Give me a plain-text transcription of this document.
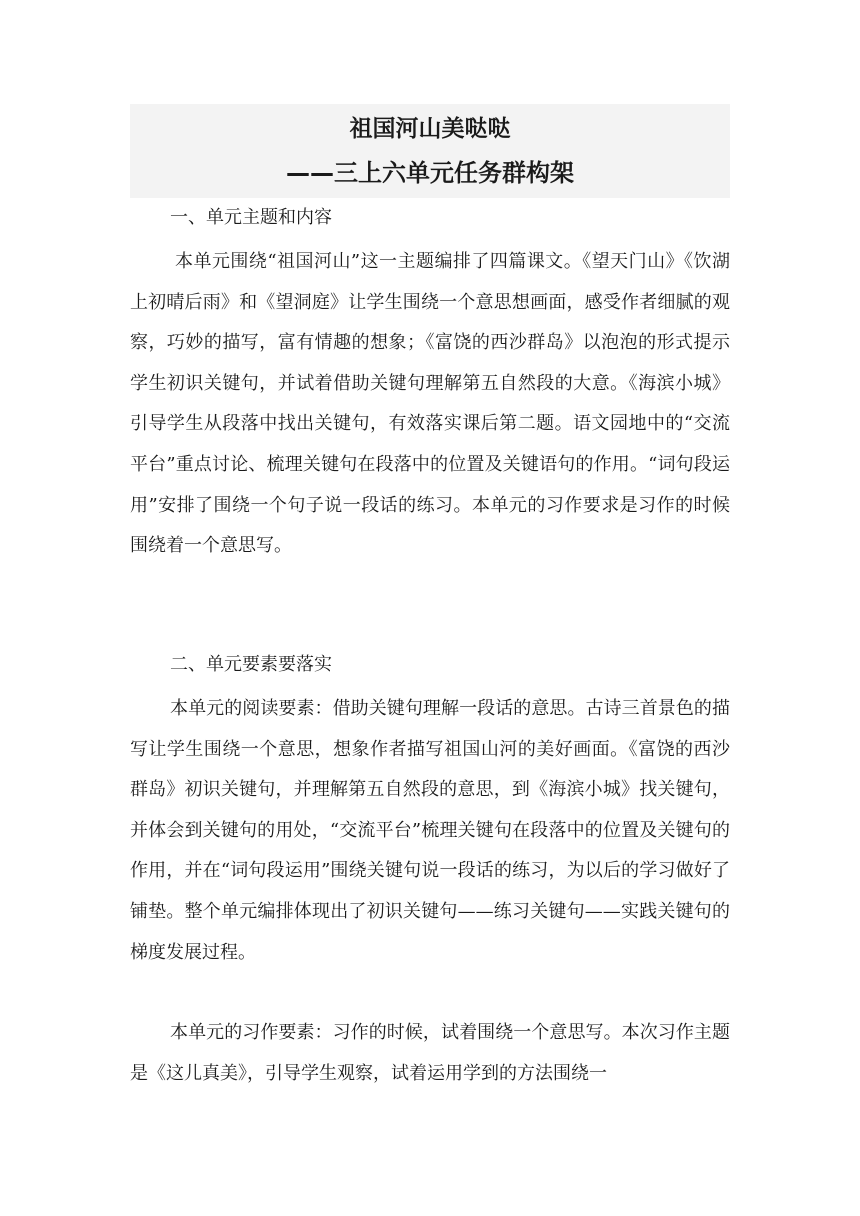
祖国河山美哒哒
——三上六单元任务群构架
一、单元主题和内容
本单元围绕“祖国河山”这一主题编排了四篇课文。《望天门山》《饮湖上初晴后雨》和《望洞庭》让学生围绕一个意思想画面，感受作者细腻的观察，巧妙的描写，富有情趣的想象；《富饶的西沙群岛》以泡泡的形式提示学生初识关键句，并试着借助关键句理解第五自然段的大意。《海滨小城》引导学生从段落中找出关键句，有效落实课后第二题。语文园地中的“交流平台”重点讨论、梳理关键句在段落中的位置及关键语句的作用。“词句段运用”安排了围绕一个句子说一段话的练习。本单元的习作要求是习作的时候围绕着一个意思写。
二、单元要素要落实
本单元的阅读要素：借助关键句理解一段话的意思。古诗三首景色的描写让学生围绕一个意思，想象作者描写祖国山河的美好画面。《富饶的西沙群岛》初识关键句，并理解第五自然段的意思，到《海滨小城》找关键句，并体会到关键句的用处，“交流平台”梳理关键句在段落中的位置及关键句的作用，并在“词句段运用”围绕关键句说一段话的练习，为以后的学习做好了铺垫。整个单元编排体现出了初识关键句——练习关键句——实践关键句的梯度发展过程。
本单元的习作要素：习作的时候，试着围绕一个意思写。本次习作主题是《这儿真美》，引导学生观察，试着运用学到的方法围绕一
